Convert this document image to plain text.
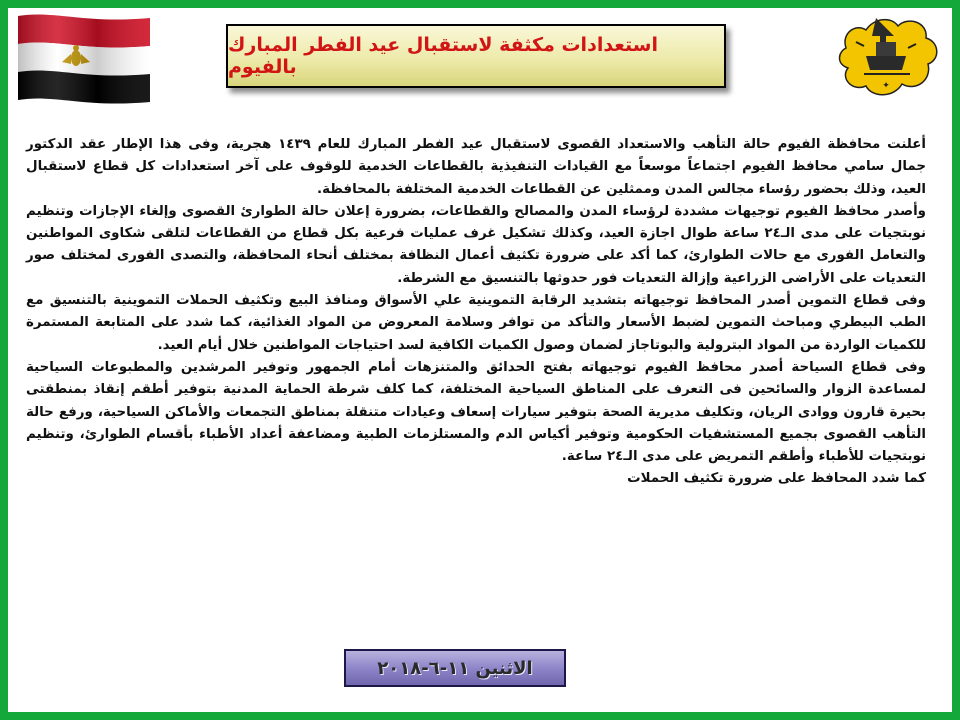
✦
استعدادات مكثفة لاستقبال عيد الفطر المبارك بالفيوم

أعلنت محافظة الفيوم حالة التأهب والاستعداد القصوى لاستقبال عيد الفطر المبارك للعام ١٤٣٩ هجرية، وفى هذا الإطار عقد الدكتور جمال سامي محافظ الفيوم اجتماعاً موسعاً مع القيادات التنفيذية بالقطاعات الخدمية للوقوف على آخر استعدادات كل قطاع لاستقبال العيد، وذلك بحضور رؤساء مجالس المدن وممثلين عن القطاعات الخدمية المختلفة بالمحافظة.

وأصدر محافظ الفيوم توجيهات مشددة لرؤساء المدن والمصالح والقطاعات، بضرورة إعلان حالة الطوارئ القصوى وإلغاء الإجازات وتنظيم نوبتجيات على مدى الـ٢٤ ساعة طوال اجازة العيد، وكذلك تشكيل غرف عمليات فرعية بكل قطاع من القطاعات لتلقى شكاوى المواطنين والتعامل الفورى مع حالات الطوارئ، كما أكد على ضرورة تكثيف أعمال النظافة بمختلف أنحاء المحافظة، والتصدى الفورى لمختلف صور التعديات على الأراضى الزراعية وإزالة التعديات فور حدوثها بالتنسيق مع الشرطة.

وفى قطاع التموين أصدر المحافظ توجيهاته بتشديد الرقابة التموينية علي الأسواق ومنافذ البيع وتكثيف الحملات التموينية بالتنسيق مع الطب البيطري ومباحث التموين لضبط الأسعار والتأكد من توافر وسلامة المعروض من المواد الغذائية، كما شدد على المتابعة المستمرة للكميات الواردة من المواد البترولية والبوتاجاز لضمان وصول الكميات الكافية لسد احتياجات المواطنين خلال أيام العيد.

وفى قطاع السياحة أصدر محافظ الفيوم توجيهاته بفتح الحدائق والمتنزهات أمام الجمهور وتوفير المرشدين والمطبوعات السياحية لمساعدة الزوار والسائحين فى التعرف على المناطق السياحية المختلفة، كما كلف شرطة الحماية المدنية بتوفير أطقم إنقاذ بمنطقتى بحيرة قارون ووادى الريان، وتكليف مديرية الصحة بتوفير سيارات إسعاف وعيادات متنقلة بمناطق التجمعات والأماكن السياحية، ورفع حالة التأهب القصوى بجميع المستشفيات الحكومية وتوفير أكياس الدم والمستلزمات الطبية ومضاعفة أعداد الأطباء بأقسام الطوارئ، وتنظيم نوبتجيات للأطباء وأطقم التمريض على مدى الـ٢٤ ساعة.

كما شدد المحافظ على ضرورة تكثيف الحملات

الاثنين ١١-٦-٢٠١٨
